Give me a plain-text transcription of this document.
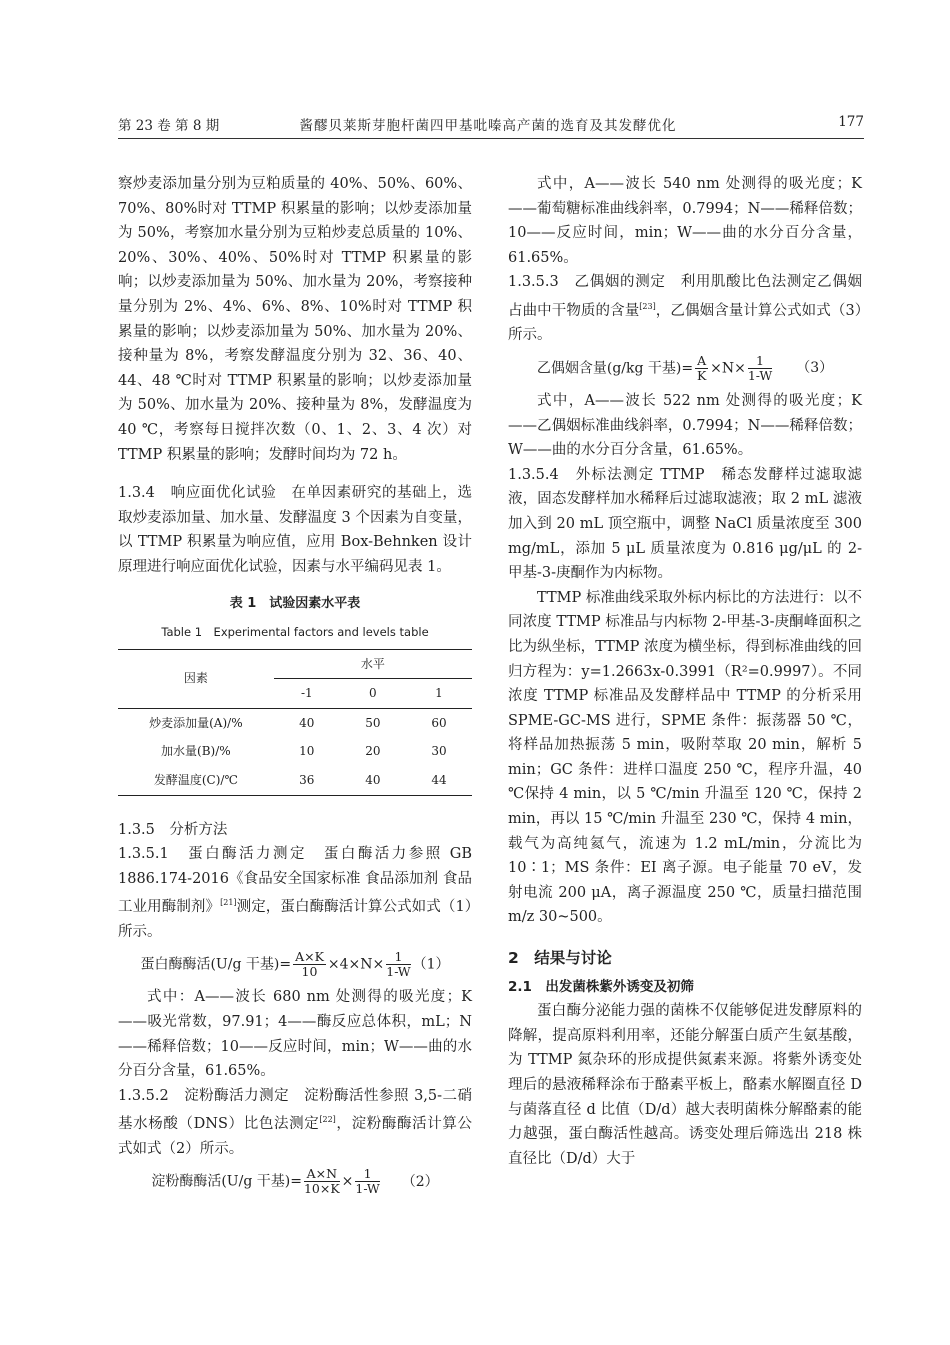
第 23 卷 第 8 期	酱醪贝莱斯芽胞杆菌四甲基吡嗪高产菌的选育及其发酵优化	177

察炒麦添加量分别为豆粕质量的 40%、50%、60%、70%、80%时对 TTMP 积累量的影响；以炒麦添加量为 50%，考察加水量分别为豆粕炒麦总质量的 10%、20%、30%、40%、50%时对 TTMP 积累量的影响；以炒麦添加量为 50%、加水量为 20%，考察接种量分别为 2%、4%、6%、8%、10%时对 TTMP 积累量的影响；以炒麦添加量为 50%、加水量为 20%、接种量为 8%，考察发酵温度分别为 32、36、40、44、48 ℃时对 TTMP 积累量的影响；以炒麦添加量为 50%、加水量为 20%、接种量为 8%，发酵温度为 40 ℃，考察每日搅拌次数（0、1、2、3、4 次）对 TTMP 积累量的影响；发酵时间均为 72 h。

1.3.4　响应面优化试验　在单因素研究的基础上，选取炒麦添加量、加水量、发酵温度 3 个因素为自变量，以 TTMP 积累量为响应值，应用 Box-Behnken 设计原理进行响应面优化试验，因素与水平编码见表 1。

表 1　试验因素水平表
Table 1　Experimental factors and levels table
因素	水平		
	-1	0	1
炒麦添加量(A)/%	40	50	60
加水量(B)/%	10	20	30
发酵温度(C)/℃	36	40	44

1.3.5　分析方法

1.3.5.1　蛋白酶活力测定　蛋白酶活力参照 GB 1886.174-2016《食品安全国家标准 食品添加剂 食品工业用酶制剂》[21]测定，蛋白酶酶活计算公式如式（1）所示。

蛋白酶酶活(U/g 干基)= $\frac{A\times K}{10} \times 4\times N\times \frac{1}{1-W} (1)$

式中：A——波长 680 nm 处测得的吸光度；K——吸光常数，97.91；4——酶反应总体积，mL；N——稀释倍数；10——反应时间，min；W——曲的水分百分含量，61.65%。

1.3.5.2　淀粉酶活力测定　淀粉酶活性参照 3,5-二硝基水杨酸（DNS）比色法测定[22]，淀粉酶酶活计算公式如式（2）所示。

淀粉酶酶活(U/g 干基)= $\frac{A\times N}{10\times K} \times \frac{1}{1-W} (2)$

式中，A——波长 540 nm 处测得的吸光度；K——葡萄糖标准曲线斜率，0.7994；N——稀释倍数；10——反应时间，min；W——曲的水分百分含量，61.65%。

1.3.5.3　乙偶姻的测定　利用肌酸比色法测定乙偶姻占曲中干物质的含量[23]，乙偶姻含量计算公式如式（3）所示。

乙偶姻含量(g/kg 干基)= $\frac{A}{K} \times N\times \frac{1}{1-W} (3)$

式中，A——波长 522 nm 处测得的吸光度；K——乙偶姻标准曲线斜率，0.7994；N——稀释倍数；W——曲的水分百分含量，61.65%。

1.3.5.4　外标法测定 TTMP　稀态发酵样过滤取滤液，固态发酵样加水稀释后过滤取滤液；取 2 mL 滤液加入到 20 mL 顶空瓶中，调整 NaCl 质量浓度至 300 mg/mL，添加 5 μL 质量浓度为 0.816 μg/μL 的 2-甲基-3-庚酮作为内标物。

TTMP 标准曲线采取外标内标比的方法进行：以不同浓度 TTMP 标准品与内标物 2-甲基-3-庚酮峰面积之比为纵坐标，TTMP 浓度为横坐标，得到标准曲线的回归方程为：y=1.2663x-0.3991（R²=0.9997）。不同浓度 TTMP 标准品及发酵样品中 TTMP 的分析采用 SPME-GC-MS 进行，SPME 条件：振荡器 50 ℃，将样品加热振荡 5 min，吸附萃取 20 min，解析 5 min；GC 条件：进样口温度 250 ℃，程序升温，40 ℃保持 4 min，以 5 ℃/min 升温至 120 ℃，保持 2 min，再以 15 ℃/min 升温至 230 ℃，保持 4 min，载气为高纯氦气，流速为 1.2 mL/min，分流比为 10∶1；MS 条件：EI 离子源。电子能量 70 eV，发射电流 200 μA，离子源温度 250 ℃，质量扫描范围 m/z 30~500。

2　结果与讨论
2.1　出发菌株紫外诱变及初筛

蛋白酶分泌能力强的菌株不仅能够促进发酵原料的降解，提高原料利用率，还能分解蛋白质产生氨基酸，为 TTMP 氮杂环的形成提供氮素来源。将紫外诱变处理后的悬液稀释涂布于酪素平板上，酪素水解圈直径 D 与菌落直径 d 比值（D/d）越大表明菌株分解酪素的能力越强，蛋白酶活性越高。诱变处理后筛选出 218 株直径比（D/d）大于
